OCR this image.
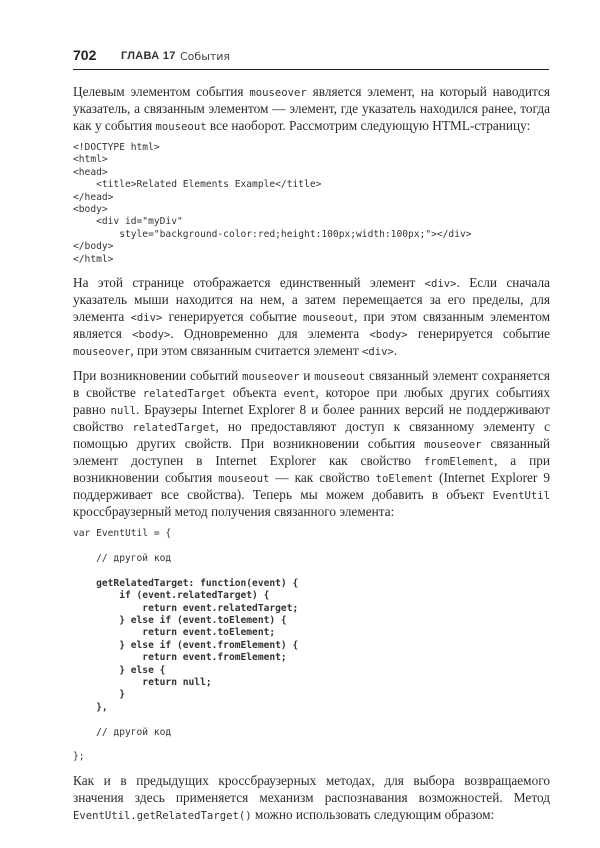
702 ГЛАВА 17 События
Целевым элементом события mouseover является элемент, на который наводится указатель, а связанным элементом — элемент, где указатель находился ранее, тогда как у события mouseout все наоборот. Рассмотрим следующую HTML-страницу:
<!DOCTYPE html>
<html>
<head>
<title>Related Elements Example</title>
</head>
<body>
<div id="myDiv"
style="background-color:red;height:100px;width:100px;"></div>
</body>
</html>
На этой странице отображается единственный элемент <div>. Если сначала указатель мыши находится на нем, а затем перемещается за его пределы, для элемента <div> генерируется событие mouseout, при этом связанным элементом является <body>. Одновременно для элемента <body> генерируется событие mouseover, при этом связанным считается элемент <div>.
При возникновении событий mouseover и mouseout связанный элемент сохраняется в свойстве relatedTarget объекта event, которое при любых других событиях равно null. Браузеры Internet Explorer 8 и более ранних версий не поддерживают свойство relatedTarget, но предоставляют доступ к связанному элементу с помощью других свойств. При возникновении события mouseover связанный элемент доступен в Internet Explorer как свойство fromElement, а при возникновении события mouseout — как свойство toElement (Internet Explorer 9 поддерживает все свойства). Теперь мы можем добавить в объект EventUtil кроссбраузерный метод получения связанного элемента:
var EventUtil = {

// другой код

getRelatedTarget: function(event) {
if (event.relatedTarget) {
return event.relatedTarget;
} else if (event.toElement) {
return event.toElement;
} else if (event.fromElement) {
return event.fromElement;
} else {
return null;
}
},

// другой код

};
Как и в предыдущих кроссбраузерных методах, для выбора возвращаемого значения здесь применяется механизм распознавания возможностей. Метод EventUtil.getRelatedTarget() можно использовать следующим образом:
